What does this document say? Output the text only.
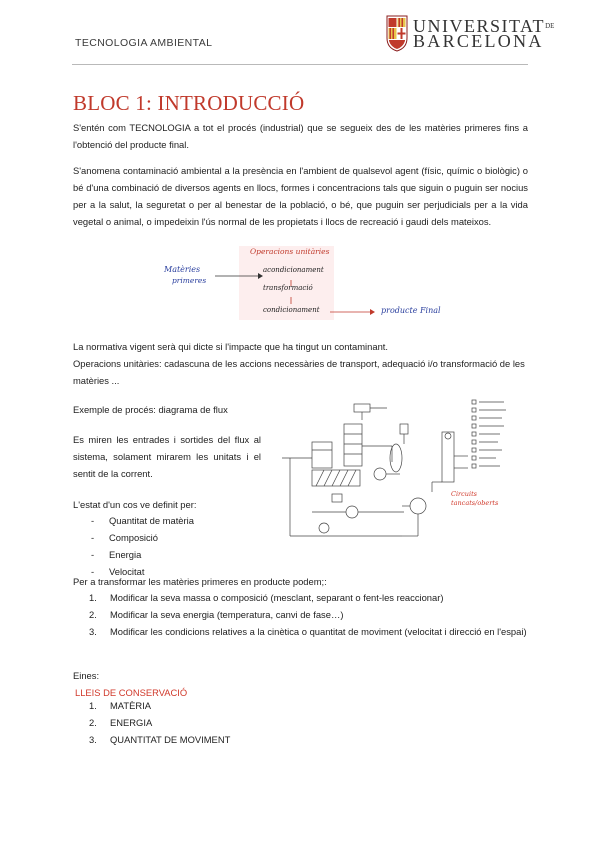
TECNOLOGIA AMBIENTAL
$UNIVERSITAT^{DE}$
BARCELONA
BLOC 1: INTRODUCCIÓ
S'entén com TECNOLOGIA a tot el procés (industrial) que se segueix des de les matèries primeres fins a l'obtenció del producte final.
S'anomena contaminació ambiental a la presència en l'ambient de qualsevol agent (físic, químic o biològic) o bé d'una combinació de diversos agents en llocs, formes i concentracions tals que siguin o puguin ser nocius per a la salut, la seguretat o per al benestar de la població, o bé, que puguin ser perjudicials per a la vida vegetal o animal, o impedeixin l'ús normal de les propietats i llocs de recreació i gaudi dels mateixos.
Operacions unitàries
Matèries
primeres
acondicionament
transformació
condicionament	producte Final
La normativa vigent serà qui dicte si l'impacte que ha tingut un contaminant.
Operacions unitàries: cadascuna de les accions necessàries de transport, adequació i/o transformació de les matèries ...
Exemple de procés: diagrama de flux
Es miren les entrades i sortides del flux al sistema, solament mirarem les unitats i el sentit de la corrent.
Circuits
tancats/oberts
L'estat d'un cos ve definit per:
-	Quantitat de matèria
-	Composició
-	Energia
-	Velocitat
Per a transformar les matèries primeres en producte podem;:
1.	Modificar la seva massa o composició (mesclant, separant o fent-les reaccionar)
2.	Modificar la seva energia (temperatura, canvi de fase…)
3.	Modificar les condicions relatives a la cinètica o quantitat de moviment (velocitat i direcció en l'espai)
Eines:
LLEIS DE CONSERVACIÓ
1.	MATÈRIA
2.	ENERGIA
3.	QUANTITAT DE MOVIMENT
